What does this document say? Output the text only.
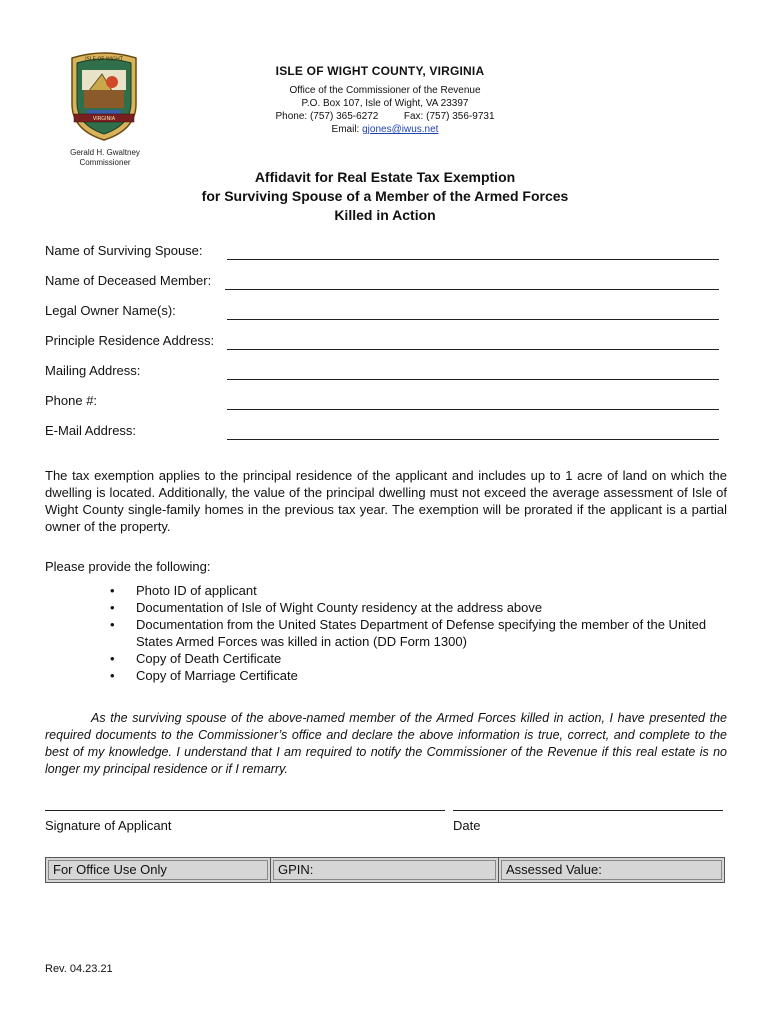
ISLE OF WIGHT
VIRGINIA
Gerald H. Gwaltney
Commissioner
ISLE OF WIGHT COUNTY, VIRGINIA
Office of the Commissioner of the Revenue
P.O. Box 107, Isle of Wight, VA 23397
Phone: (757) 365-6272	Fax: (757) 356-9731
Email: gjones@iwus.net
Affidavit for Real Estate Tax Exemption
for Surviving Spouse of a Member of the Armed Forces
Killed in Action
Name of Surviving Spouse:
Name of Deceased Member:
Legal Owner Name(s):
Principle Residence Address:
Mailing Address:
Phone #:
E-Mail Address:
The tax exemption applies to the principal residence of the applicant and includes up to 1 acre of land on which the dwelling is located. Additionally, the value of the principal dwelling must not exceed the average assessment of Isle of Wight County single-family homes in the previous tax year. The exemption will be prorated if the applicant is a partial owner of the property.
Please provide the following:
• Photo ID of applicant
• Documentation of Isle of Wight County residency at the address above
• Documentation from the United States Department of Defense specifying the member of the United States Armed Forces was killed in action (DD Form 1300)
• Copy of Death Certificate
• Copy of Marriage Certificate
As the surviving spouse of the above-named member of the Armed Forces killed in action, I have presented the required documents to the Commissioner’s office and declare the above information is true, correct, and complete to the best of my knowledge. I understand that I am required to notify the Commissioner of the Revenue if this real estate is no longer my principal residence or if I remarry.
Signature of Applicant	Date
For Office Use Only	GPIN:	Assessed Value:
Rev. 04.23.21
